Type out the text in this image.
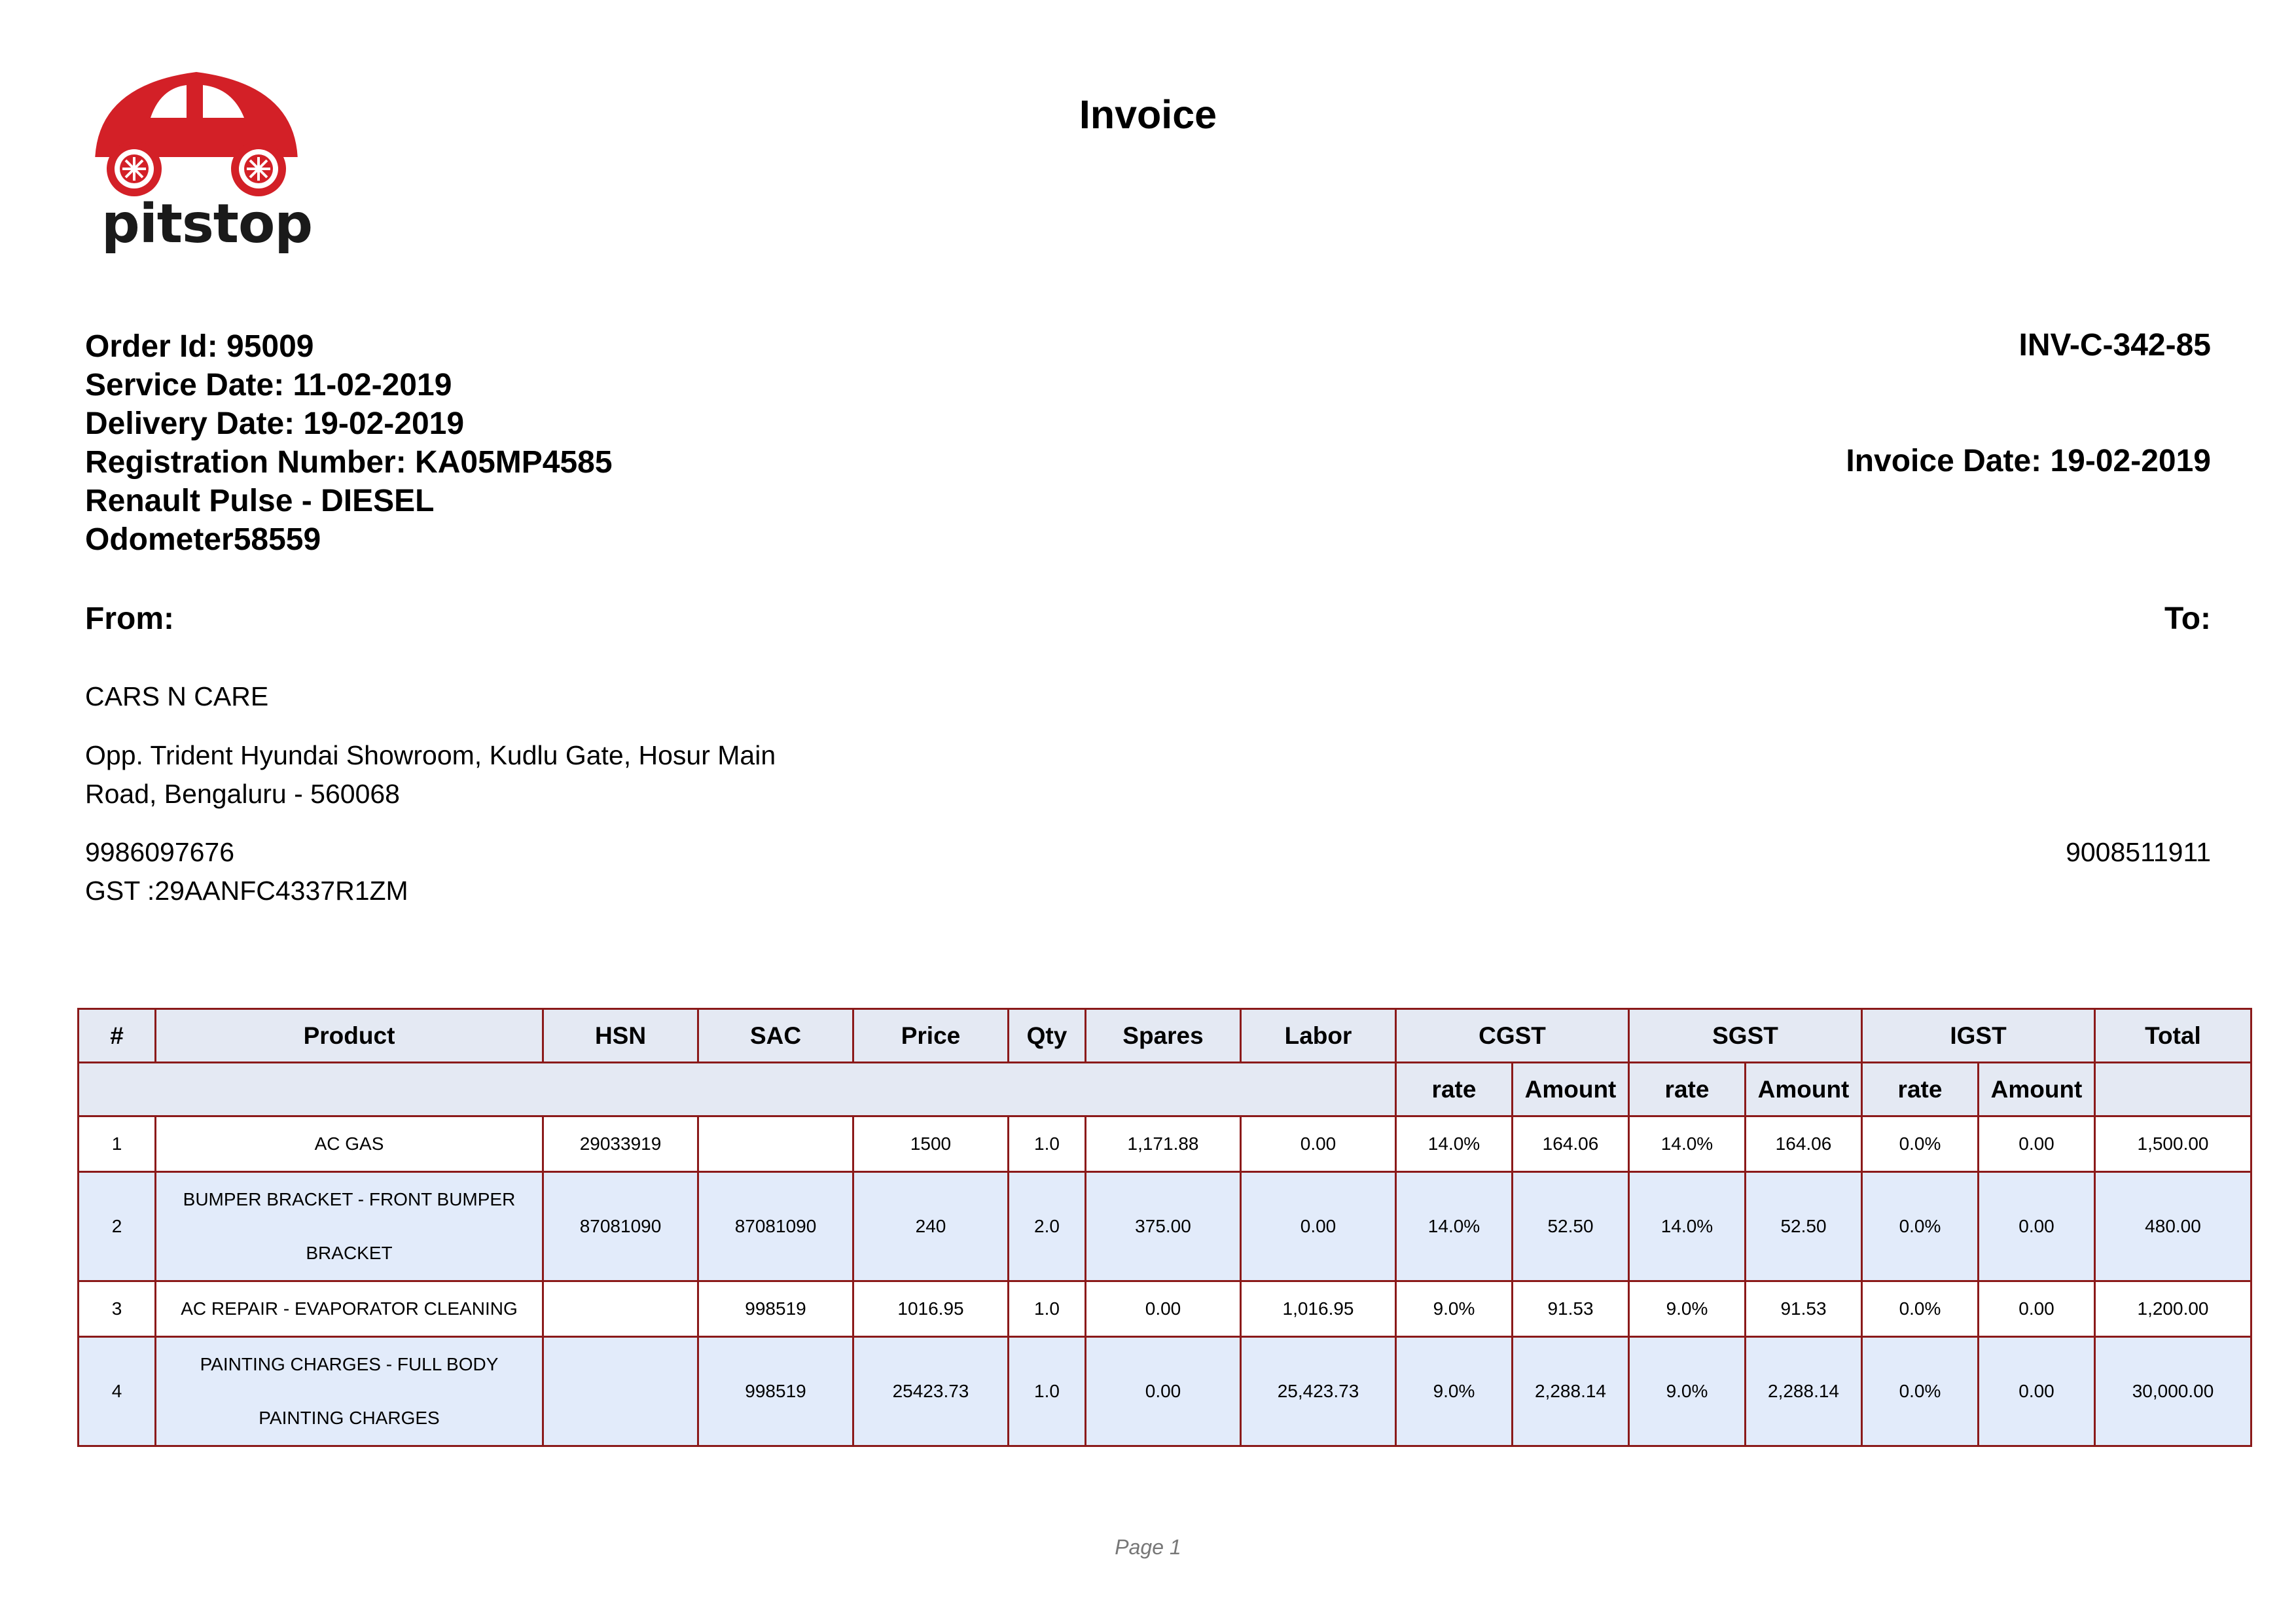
pitstop
Invoice
Order Id: 95009
Service Date: 11-02-2019
Delivery Date: 19-02-2019
Registration Number: KA05MP4585
Renault Pulse - DIESEL
Odometer58559
INV-C-342-85
Invoice Date: 19-02-2019
From:	To:
CARS N CARE
Opp. Trident Hyundai Showroom, Kudlu Gate, Hosur Main Road, Bengaluru - 560068
9986097676
GST :29AANFC4337R1ZM
9008511911
#	Product	HSN	SAC	Price	Qty	Spares	Labor	CGST		SGST		IGST		Total
								rate	Amount	rate	Amount	rate	Amount	
1	AC GAS	29033919		1500	1.0	1,171.88	0.00	14.0%	164.06	14.0%	164.06	0.0%	0.00	1,500.00
2	BUMPER BRACKET - FRONT BUMPER BRACKET	87081090	87081090	240	2.0	375.00	0.00	14.0%	52.50	14.0%	52.50	0.0%	0.00	480.00
3	AC REPAIR - EVAPORATOR CLEANING		998519	1016.95	1.0	0.00	1,016.95	9.0%	91.53	9.0%	91.53	0.0%	0.00	1,200.00
4	PAINTING CHARGES - FULL BODY PAINTING CHARGES		998519	25423.73	1.0	0.00	25,423.73	9.0%	2,288.14	9.0%	2,288.14	0.0%	0.00	30,000.00
Page 1
